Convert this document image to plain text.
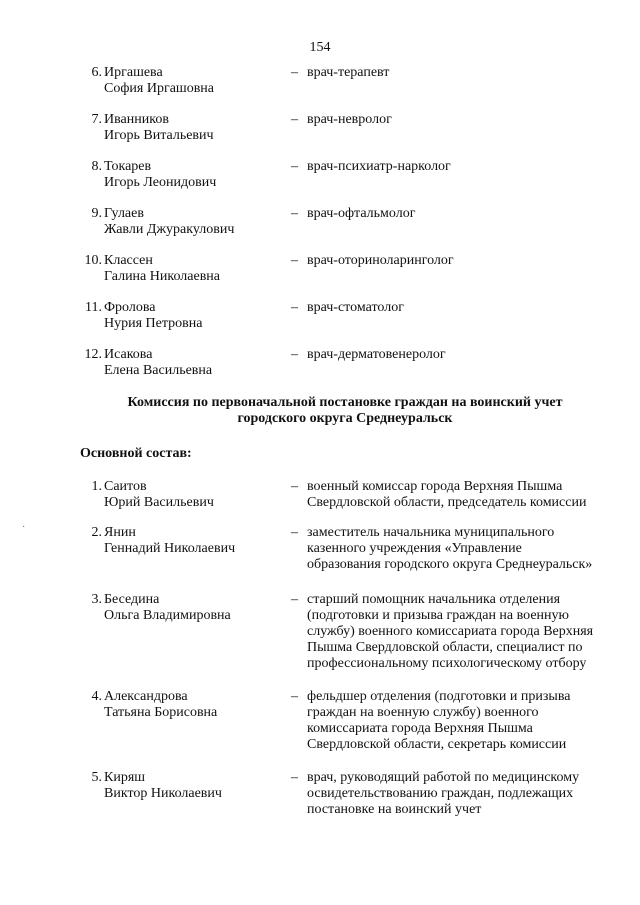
154
6. Иргашева
София Иргашовна
– врач-терапевт
7. Иванников
Игорь Витальевич
– врач-невролог
8. Токарев
Игорь Леонидович
– врач-психиатр-нарколог
9. Гулаев
Жавли Джуракулович
– врач-офтальмолог
10. Классен
Галина Николаевна
– врач-оториноларинголог
11. Фролова
Нурия Петровна
– врач-стоматолог
12. Исакова
Елена Васильевна
– врач-дерматовенеролог
Комиссия по первоначальной постановке граждан на воинский учет
городского округа Среднеуральск
Основной состав:
·
1. Саитов
Юрий Васильевич
– военный комиссар города Верхняя Пышма
Свердловской области, председатель комиссии
2. Янин
Геннадий Николаевич
– заместитель начальника муниципального
казенного учреждения «Управление
образования городского округа Среднеуральск»
3. Беседина
Ольга Владимировна
– старший помощник начальника отделения
(подготовки и призыва граждан на военную
службу) военного комиссариата города Верхняя
Пышма Свердловской области, специалист по
профессиональному психологическому отбору
4. Александрова
Татьяна Борисовна
– фельдшер отделения (подготовки и призыва
граждан на военную службу) военного
комиссариата города Верхняя Пышма
Свердловской области, секретарь комиссии
5. Киряш
Виктор Николаевич
– врач, руководящий работой по медицинскому
освидетельствованию граждан, подлежащих
постановке на воинский учет
